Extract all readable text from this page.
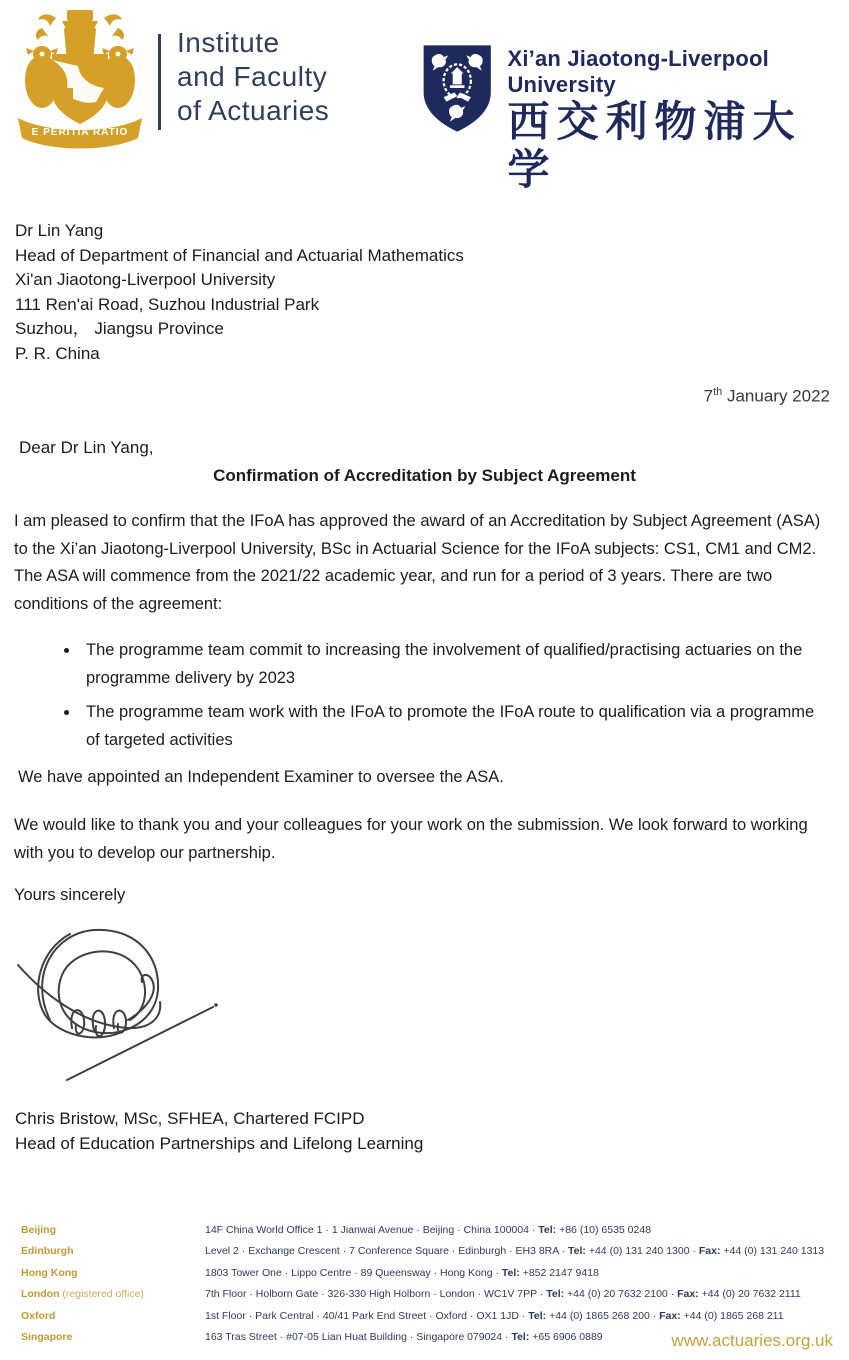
E PERITIA RATIO
Institute
and Faculty
of Actuaries
Xi’an Jiaotong-Liverpool University
西交利物浦大学
Dr Lin Yang
Head of Department of Financial and Actuarial Mathematics
Xi'an Jiaotong-Liverpool University
111 Ren'ai Road, Suzhou Industrial Park
Suzhou， Jiangsu Province
P. R. China
7th January 2022
Dear Dr Lin Yang,
Confirmation of Accreditation by Subject Agreement
I am pleased to confirm that the IFoA has approved the award of an Accreditation by Subject Agreement (ASA) to the Xi’an Jiaotong-Liverpool University, BSc in Actuarial Science for the IFoA subjects: CS1, CM1 and CM2. The ASA will commence from the 2021/22 academic year, and run for a period of 3 years. There are two conditions of the agreement:
• The programme team commit to increasing the involvement of qualified/practising actuaries on the programme delivery by 2023
• The programme team work with the IFoA to promote the IFoA route to qualification via a programme of targeted activities
We have appointed an Independent Examiner to oversee the ASA.
We would like to thank you and your colleagues for your work on the submission. We look forward to working with you to develop our partnership.
Yours sincerely
Chris Bristow, MSc, SFHEA, Chartered FCIPD
Head of Education Partnerships and Lifelong Learning
Beijing	14F China World Office 1 · 1 Jianwai Avenue · Beijing · China 100004 · Tel: +86 (10) 6535 0248
Edinburgh	Level 2 · Exchange Crescent · 7 Conference Square · Edinburgh · EH3 8RA · Tel: +44 (0) 131 240 1300 · Fax: +44 (0) 131 240 1313
Hong Kong	1803 Tower One · Lippo Centre · 89 Queensway · Hong Kong · Tel: +852 2147 9418
London (registered office)	7th Floor · Holborn Gate · 326-330 High Holborn · London · WC1V 7PP · Tel: +44 (0) 20 7632 2100 · Fax: +44 (0) 20 7632 2111
Oxford	1st Floor · Park Central · 40/41 Park End Street · Oxford · OX1 1JD · Tel: +44 (0) 1865 268 200 · Fax: +44 (0) 1865 268 211
Singapore	163 Tras Street · #07-05 Lian Huat Building · Singapore 079024 · Tel: +65 6906 0889	www.actuaries.org.uk
